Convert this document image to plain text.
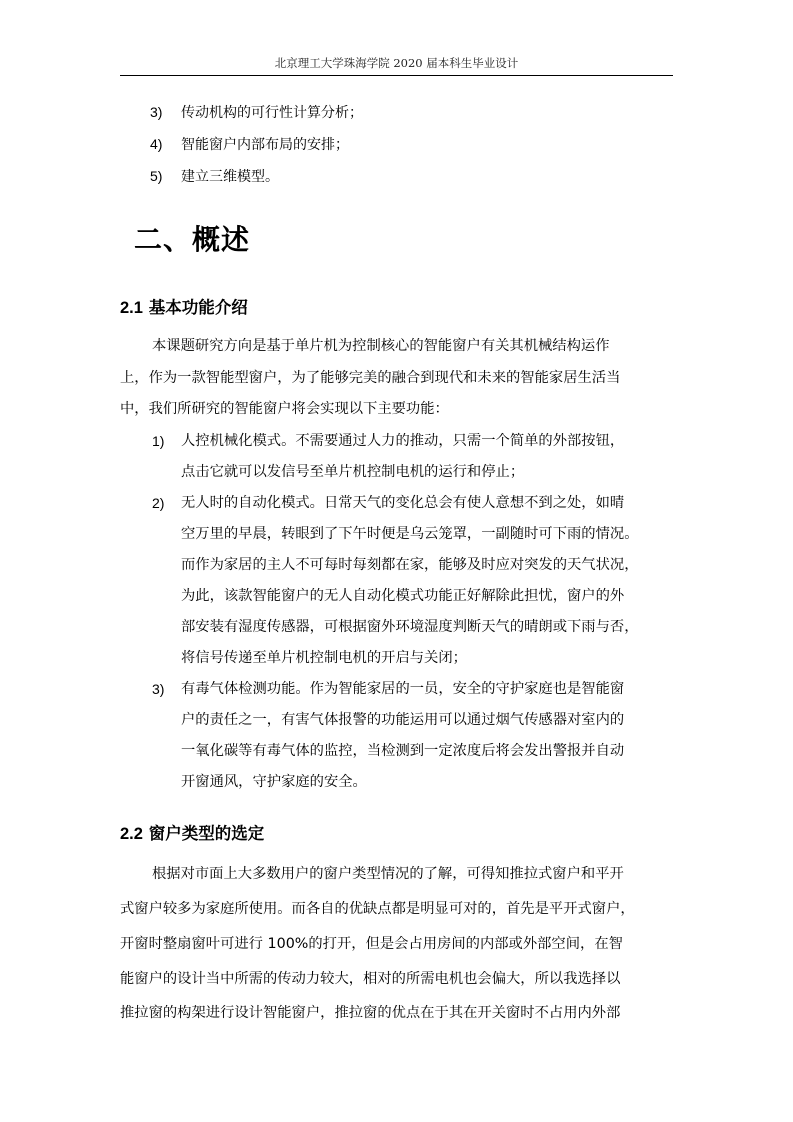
北京理工大学珠海学院 2020 届本科生毕业设计
3) 传动机构的可行性计算分析；
4) 智能窗户内部布局的安排；
5) 建立三维模型。
二、概述
2.1 基本功能介绍
本课题研究方向是基于单片机为控制核心的智能窗户有关其机械结构运作
上，作为一款智能型窗户，为了能够完美的融合到现代和未来的智能家居生活当
中，我们所研究的智能窗户将会实现以下主要功能：
1) 人控机械化模式。不需要通过人力的推动，只需一个简单的外部按钮，
点击它就可以发信号至单片机控制电机的运行和停止；
2) 无人时的自动化模式。日常天气的变化总会有使人意想不到之处，如晴
空万里的早晨，转眼到了下午时便是乌云笼罩，一副随时可下雨的情况。
而作为家居的主人不可每时每刻都在家，能够及时应对突发的天气状况，
为此，该款智能窗户的无人自动化模式功能正好解除此担忧，窗户的外
部安装有湿度传感器，可根据窗外环境湿度判断天气的晴朗或下雨与否，
将信号传递至单片机控制电机的开启与关闭；
3) 有毒气体检测功能。作为智能家居的一员，安全的守护家庭也是智能窗
户的责任之一，有害气体报警的功能运用可以通过烟气传感器对室内的
一氧化碳等有毒气体的监控，当检测到一定浓度后将会发出警报并自动
开窗通风，守护家庭的安全。
2.2 窗户类型的选定
根据对市面上大多数用户的窗户类型情况的了解，可得知推拉式窗户和平开
式窗户较多为家庭所使用。而各自的优缺点都是明显可对的，首先是平开式窗户，
开窗时整扇窗叶可进行 100%的打开，但是会占用房间的内部或外部空间，在智
能窗户的设计当中所需的传动力较大，相对的所需电机也会偏大，所以我选择以
推拉窗的构架进行设计智能窗户，推拉窗的优点在于其在开关窗时不占用内外部
